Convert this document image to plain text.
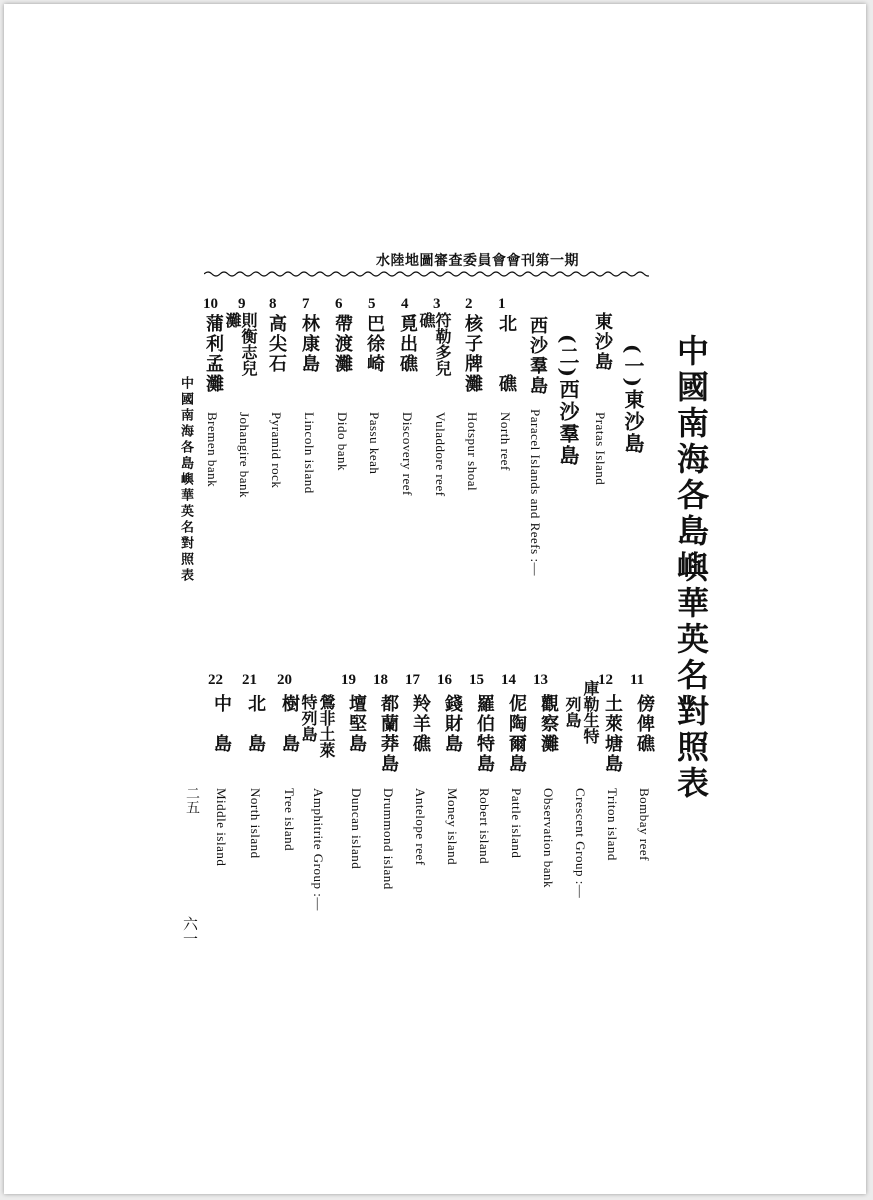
水陸地圖審查委員會會刊第一期
中國南海各島嶼華英名對照表
(一)東沙島
東沙島
Pratas Island
(二)西沙羣島
西沙羣島
Paracel Islands and Reefs :—
1
北　　礁
North reef
2
核子牌灘
Hotspur shoal
3
符勒多兒
礁
Vuladdore reef
4
覓出礁
Discovery reef
5
巴徐崎
Passu keah
6
帶渡灘
Dido bank
7
林康島
Lincoln island
8
高尖石
Pyramid rock
9
則衡志兒
灘
Johangire bank
10
蒲利孟灘
Bremen bank
11
傍俾礁
Bombay reef
12
土萊塘島
Triton island
庫勒生特
列島
Crescent Group :—
13
觀察灘
Observation bank
14
伲陶爾島
Pattle island
15
羅伯特島
Robert island
16
錢財島
Money island
17
羚羊礁
Antelope reef
18
都蘭莽島
Drummond island
19
壇堅島
Duncan island
鶯非土萊
特列島
Amphitrite Group :—
20
樹　島
Tree island
21
北　島
North island
22
中　島
Middle island
中國南海各島嶼華英名對照表
二五
六一
